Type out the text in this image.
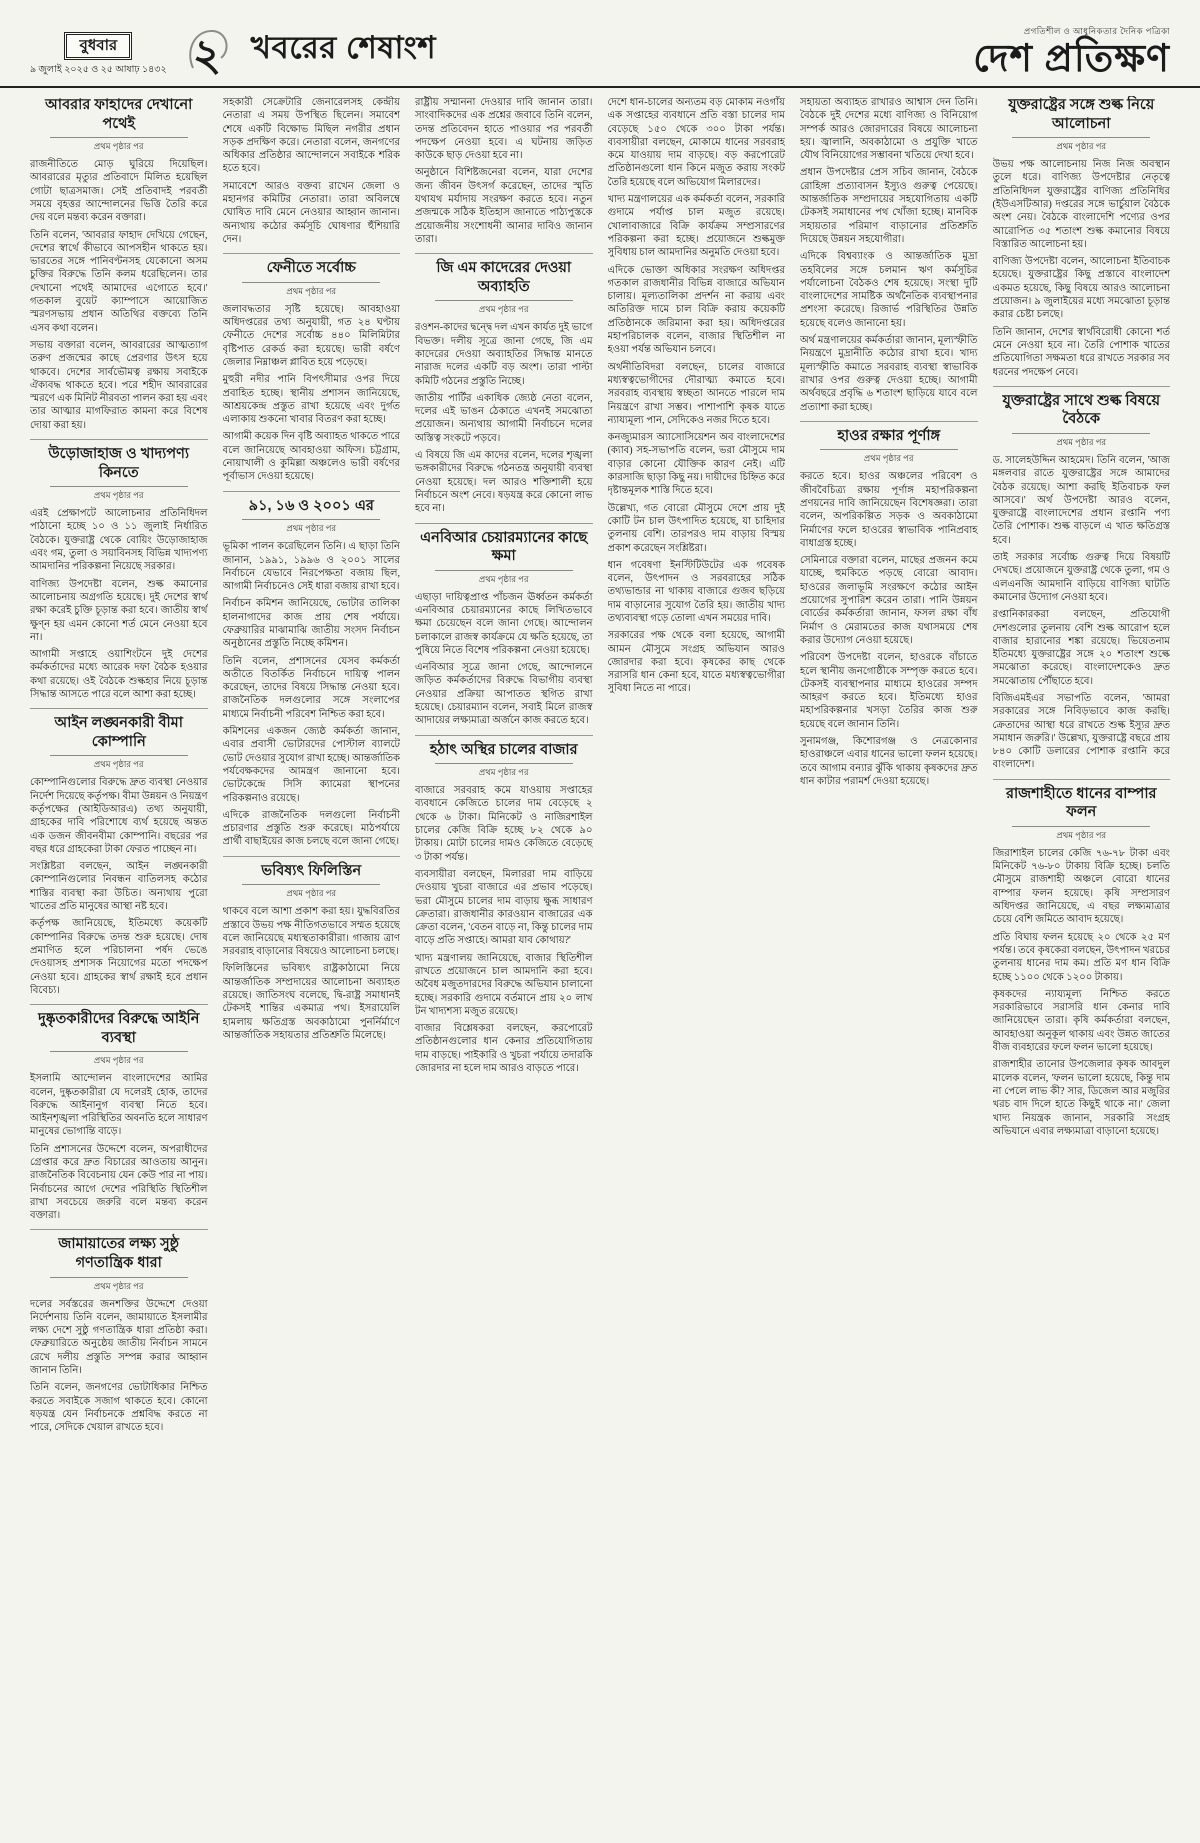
বুধবার
৯ জুলাই ২০২৫ ও ২৫ আষাঢ় ১৪৩২ ২ খবরের শেষাংশ	প্রগতিশীল ও আধুনিকতার দৈনিক পত্রিকা
দেশ প্রতিক্ষণ
আবরার ফাহাদের দেখানো পথেই
প্রথম পৃষ্ঠার পর

রাজনীতিতে মোড় ঘুরিয়ে দিয়েছিল। আবরারের মৃত্যুর প্রতিবাদে মিলিত হয়েছিল গোটা ছাত্রসমাজ। সেই প্রতিবাদই পরবর্তী সময়ে বৃহত্তর আন্দোলনের ভিত্তি তৈরি করে দেয় বলে মন্তব্য করেন বক্তারা।

তিনি বলেন, 'আবরার ফাহাদ দেখিয়ে গেছেন, দেশের স্বার্থে কীভাবে আপসহীন থাকতে হয়। ভারতের সঙ্গে পানিবণ্টনসহ যেকোনো অসম চুক্তির বিরুদ্ধে তিনি কলম ধরেছিলেন। তার দেখানো পথেই আমাদের এগোতে হবে।' গতকাল বুয়েট ক্যাম্পাসে আয়োজিত স্মরণসভায় প্রধান অতিথির বক্তব্যে তিনি এসব কথা বলেন।

সভায় বক্তারা বলেন, আবরারের আত্মত্যাগ তরুণ প্রজন্মের কাছে প্রেরণার উৎস হয়ে থাকবে। দেশের সার্বভৌমত্ব রক্ষায় সবাইকে ঐক্যবদ্ধ থাকতে হবে। পরে শহীদ আবরারের স্মরণে এক মিনিট নীরবতা পালন করা হয় এবং তার আত্মার মাগফিরাত কামনা করে বিশেষ দোয়া করা হয়।

উড়োজাহাজ ও খাদ্যপণ্য কিনতে
প্রথম পৃষ্ঠার পর

এরই প্রেক্ষাপটে আলোচনার প্রতিনিধিদল পাঠানো হচ্ছে ১০ ও ১১ জুলাই নির্ধারিত বৈঠকে। যুক্তরাষ্ট্র থেকে বোয়িং উড়োজাহাজ এবং গম, তুলা ও সয়াবিনসহ বিভিন্ন খাদ্যপণ্য আমদানির পরিকল্পনা নিয়েছে সরকার।

বাণিজ্য উপদেষ্টা বলেন, শুল্ক কমানোর আলোচনায় অগ্রগতি হয়েছে। দুই দেশের স্বার্থ রক্ষা করেই চুক্তি চূড়ান্ত করা হবে। জাতীয় স্বার্থ ক্ষুণ্ন হয় এমন কোনো শর্ত মেনে নেওয়া হবে না।

আগামী সপ্তাহে ওয়াশিংটনে দুই দেশের কর্মকর্তাদের মধ্যে আরেক দফা বৈঠক হওয়ার কথা রয়েছে। ওই বৈঠকে শুল্কহার নিয়ে চূড়ান্ত সিদ্ধান্ত আসতে পারে বলে আশা করা হচ্ছে।

আইন লঙ্ঘনকারী বীমা কোম্পানি
প্রথম পৃষ্ঠার পর

কোম্পানিগুলোর বিরুদ্ধে দ্রুত ব্যবস্থা নেওয়ার নির্দেশ দিয়েছে কর্তৃপক্ষ। বীমা উন্নয়ন ও নিয়ন্ত্রণ কর্তৃপক্ষের (আইডিআরএ) তথ্য অনুযায়ী, গ্রাহকের দাবি পরিশোধে ব্যর্থ হয়েছে অন্তত এক ডজন জীবনবীমা কোম্পানি। বছরের পর বছর ধরে গ্রাহকেরা টাকা ফেরত পাচ্ছেন না।

সংশ্লিষ্টরা বলছেন, আইন লঙ্ঘনকারী কোম্পানিগুলোর নিবন্ধন বাতিলসহ কঠোর শাস্তির ব্যবস্থা করা উচিত। অন্যথায় পুরো খাতের প্রতি মানুষের আস্থা নষ্ট হবে।

কর্তৃপক্ষ জানিয়েছে, ইতিমধ্যে কয়েকটি কোম্পানির বিরুদ্ধে তদন্ত শুরু হয়েছে। দোষ প্রমাণিত হলে পরিচালনা পর্ষদ ভেঙে দেওয়াসহ প্রশাসক নিয়োগের মতো পদক্ষেপ নেওয়া হবে। গ্রাহকের স্বার্থ রক্ষাই হবে প্রধান বিবেচ্য।

দুষ্কৃতকারীদের বিরুদ্ধে আইনি ব্যবস্থা
প্রথম পৃষ্ঠার পর

ইসলামি আন্দোলন বাংলাদেশের আমির বলেন, দুষ্কৃতকারীরা যে দলেরই হোক, তাদের বিরুদ্ধে আইনানুগ ব্যবস্থা নিতে হবে। আইনশৃঙ্খলা পরিস্থিতির অবনতি হলে সাধারণ মানুষের ভোগান্তি বাড়ে।

তিনি প্রশাসনের উদ্দেশে বলেন, অপরাধীদের গ্রেপ্তার করে দ্রুত বিচারের আওতায় আনুন। রাজনৈতিক বিবেচনায় যেন কেউ পার না পায়। নির্বাচনের আগে দেশের পরিস্থিতি স্থিতিশীল রাখা সবচেয়ে জরুরি বলে মন্তব্য করেন বক্তারা।

জামায়াতের লক্ষ্য সুষ্ঠু গণতান্ত্রিক ধারা
প্রথম পৃষ্ঠার পর

দলের সর্বস্তরের জনশক্তির উদ্দেশে দেওয়া নির্দেশনায় তিনি বলেন, জামায়াতে ইসলামীর লক্ষ্য দেশে সুষ্ঠু গণতান্ত্রিক ধারা প্রতিষ্ঠা করা। ফেব্রুয়ারিতে অনুষ্ঠেয় জাতীয় নির্বাচন সামনে রেখে দলীয় প্রস্তুতি সম্পন্ন করার আহ্বান জানান তিনি।

তিনি বলেন, জনগণের ভোটাধিকার নিশ্চিত করতে সবাইকে সজাগ থাকতে হবে। কোনো ষড়যন্ত্র যেন নির্বাচনকে প্রশ্নবিদ্ধ করতে না পারে, সেদিকে খেয়াল রাখতে হবে।

সহকারী সেক্রেটারি জেনারেলসহ কেন্দ্রীয় নেতারা এ সময় উপস্থিত ছিলেন। সমাবেশ শেষে একটি বিক্ষোভ মিছিল নগরীর প্রধান সড়ক প্রদক্ষিণ করে। নেতারা বলেন, জনগণের অধিকার প্রতিষ্ঠার আন্দোলনে সবাইকে শরিক হতে হবে।

সমাবেশে আরও বক্তব্য রাখেন জেলা ও মহানগর কমিটির নেতারা। তারা অবিলম্বে ঘোষিত দাবি মেনে নেওয়ার আহ্বান জানান। অন্যথায় কঠোর কর্মসূচি ঘোষণার হুঁশিয়ারি দেন।

ফেনীতে সর্বোচ্চ
প্রথম পৃষ্ঠার পর

জলাবদ্ধতার সৃষ্টি হয়েছে। আবহাওয়া অধিদপ্তরের তথ্য অনুযায়ী, গত ২৪ ঘণ্টায় ফেনীতে দেশের সর্বোচ্চ ৪৪০ মিলিমিটার বৃষ্টিপাত রেকর্ড করা হয়েছে। ভারী বর্ষণে জেলার নিম্নাঞ্চল প্লাবিত হয়ে পড়েছে।

মুহুরী নদীর পানি বিপৎসীমার ওপর দিয়ে প্রবাহিত হচ্ছে। স্থানীয় প্রশাসন জানিয়েছে, আশ্রয়কেন্দ্র প্রস্তুত রাখা হয়েছে এবং দুর্গত এলাকায় শুকনো খাবার বিতরণ করা হচ্ছে।

আগামী কয়েক দিন বৃষ্টি অব্যাহত থাকতে পারে বলে জানিয়েছে আবহাওয়া অফিস। চট্টগ্রাম, নোয়াখালী ও কুমিল্লা অঞ্চলেও ভারী বর্ষণের পূর্বাভাস দেওয়া হয়েছে।

৯১, ১৬ ও ২০০১ এর
প্রথম পৃষ্ঠার পর

ভূমিকা পালন করেছিলেন তিনি। এ ছাড়া তিনি জানান, ১৯৯১, ১৯৯৬ ও ২০০১ সালের নির্বাচনে যেভাবে নিরপেক্ষতা বজায় ছিল, আগামী নির্বাচনেও সেই ধারা বজায় রাখা হবে।

নির্বাচন কমিশন জানিয়েছে, ভোটার তালিকা হালনাগাদের কাজ প্রায় শেষ পর্যায়ে। ফেব্রুয়ারির মাঝামাঝি জাতীয় সংসদ নির্বাচন অনুষ্ঠানের প্রস্তুতি নিচ্ছে কমিশন।

তিনি বলেন, প্রশাসনের যেসব কর্মকর্তা অতীতে বিতর্কিত নির্বাচনে দায়িত্ব পালন করেছেন, তাদের বিষয়ে সিদ্ধান্ত নেওয়া হবে। রাজনৈতিক দলগুলোর সঙ্গে সংলাপের মাধ্যমে নির্বাচনী পরিবেশ নিশ্চিত করা হবে।

কমিশনের একজন জ্যেষ্ঠ কর্মকর্তা জানান, এবার প্রবাসী ভোটারদের পোস্টাল ব্যালটে ভোট দেওয়ার সুযোগ রাখা হচ্ছে। আন্তর্জাতিক পর্যবেক্ষকদের আমন্ত্রণ জানানো হবে। ভোটকেন্দ্রে সিসি ক্যামেরা স্থাপনের পরিকল্পনাও রয়েছে।

এদিকে রাজনৈতিক দলগুলো নির্বাচনী প্রচারণার প্রস্তুতি শুরু করেছে। মাঠপর্যায়ে প্রার্থী বাছাইয়ের কাজ চলছে বলে জানা গেছে।

ভবিষ্যৎ ফিলিস্তিন
প্রথম পৃষ্ঠার পর

থাকবে বলে আশা প্রকাশ করা হয়। যুদ্ধবিরতির প্রস্তাবে উভয় পক্ষ নীতিগতভাবে সম্মত হয়েছে বলে জানিয়েছে মধ্যস্থতাকারীরা। গাজায় ত্রাণ সরবরাহ বাড়ানোর বিষয়েও আলোচনা চলছে।

ফিলিস্তিনের ভবিষ্যৎ রাষ্ট্রকাঠামো নিয়ে আন্তর্জাতিক সম্প্রদায়ের আলোচনা অব্যাহত রয়েছে। জাতিসংঘ বলেছে, দ্বি-রাষ্ট্র সমাধানই টেকসই শান্তির একমাত্র পথ। ইসরায়েলি হামলায় ক্ষতিগ্রস্ত অবকাঠামো পুনর্নির্মাণে আন্তর্জাতিক সহায়তার প্রতিশ্রুতি মিলেছে।

রাষ্ট্রীয় সম্মাননা দেওয়ার দাবি জানান তারা। সাংবাদিকদের এক প্রশ্নের জবাবে তিনি বলেন, তদন্ত প্রতিবেদন হাতে পাওয়ার পর পরবর্তী পদক্ষেপ নেওয়া হবে। এ ঘটনায় জড়িত কাউকে ছাড় দেওয়া হবে না।

অনুষ্ঠানে বিশিষ্টজনেরা বলেন, যারা দেশের জন্য জীবন উৎসর্গ করেছেন, তাদের স্মৃতি যথাযথ মর্যাদায় সংরক্ষণ করতে হবে। নতুন প্রজন্মকে সঠিক ইতিহাস জানাতে পাঠ্যপুস্তকে প্রয়োজনীয় সংশোধনী আনার দাবিও জানান তারা।

জি এম কাদেরের দেওয়া অব্যাহতি
প্রথম পৃষ্ঠার পর

রওশন-কাদের দ্বন্দ্বে দল এখন কার্যত দুই ভাগে বিভক্ত। দলীয় সূত্রে জানা গেছে, জি এম কাদেরের দেওয়া অব্যাহতির সিদ্ধান্ত মানতে নারাজ দলের একটি বড় অংশ। তারা পাল্টা কমিটি গঠনের প্রস্তুতি নিচ্ছে।

জাতীয় পার্টির একাধিক জ্যেষ্ঠ নেতা বলেন, দলের এই ভাঙন ঠেকাতে এখনই সমঝোতা প্রয়োজন। অন্যথায় আগামী নির্বাচনে দলের অস্তিত্ব সংকটে পড়বে।

এ বিষয়ে জি এম কাদের বলেন, দলের শৃঙ্খলা ভঙ্গকারীদের বিরুদ্ধে গঠনতন্ত্র অনুযায়ী ব্যবস্থা নেওয়া হয়েছে। দল আরও শক্তিশালী হয়ে নির্বাচনে অংশ নেবে। ষড়যন্ত্র করে কোনো লাভ হবে না।

এনবিআর চেয়ারম্যানের কাছে ক্ষমা
প্রথম পৃষ্ঠার পর

এছাড়া দায়িত্বপ্রাপ্ত পাঁচজন ঊর্ধ্বতন কর্মকর্তা এনবিআর চেয়ারম্যানের কাছে লিখিতভাবে ক্ষমা চেয়েছেন বলে জানা গেছে। আন্দোলন চলাকালে রাজস্ব কার্যক্রমে যে ক্ষতি হয়েছে, তা পুষিয়ে নিতে বিশেষ পরিকল্পনা নেওয়া হয়েছে।

এনবিআর সূত্রে জানা গেছে, আন্দোলনে জড়িত কর্মকর্তাদের বিরুদ্ধে বিভাগীয় ব্যবস্থা নেওয়ার প্রক্রিয়া আপাতত স্থগিত রাখা হয়েছে। চেয়ারম্যান বলেন, সবাই মিলে রাজস্ব আদায়ের লক্ষ্যমাত্রা অর্জনে কাজ করতে হবে।

হঠাৎ অস্থির চালের বাজার
প্রথম পৃষ্ঠার পর

বাজারে সরবরাহ কমে যাওয়ায় সপ্তাহের ব্যবধানে কেজিতে চালের দাম বেড়েছে ২ থেকে ৬ টাকা। মিনিকেট ও নাজিরশাইল চালের কেজি বিক্রি হচ্ছে ৮২ থেকে ৯০ টাকায়। মোটা চালের দামও কেজিতে বেড়েছে ৩ টাকা পর্যন্ত।

ব্যবসায়ীরা বলছেন, মিলাররা দাম বাড়িয়ে দেওয়ায় খুচরা বাজারে এর প্রভাব পড়েছে। ভরা মৌসুমে চালের দাম বাড়ায় ক্ষুব্ধ সাধারণ ক্রেতারা। রাজধানীর কারওয়ান বাজারের এক ক্রেতা বলেন, 'বেতন বাড়ে না, কিন্তু চালের দাম বাড়ে প্রতি সপ্তাহে। আমরা যাব কোথায়?'

খাদ্য মন্ত্রণালয় জানিয়েছে, বাজার স্থিতিশীল রাখতে প্রয়োজনে চাল আমদানি করা হবে। অবৈধ মজুতদারদের বিরুদ্ধে অভিযান চালানো হচ্ছে। সরকারি গুদামে বর্তমানে প্রায় ২০ লাখ টন খাদ্যশস্য মজুত রয়েছে।

বাজার বিশ্লেষকরা বলছেন, করপোরেট প্রতিষ্ঠানগুলোর ধান কেনার প্রতিযোগিতায় দাম বাড়ছে। পাইকারি ও খুচরা পর্যায়ে তদারকি জোরদার না হলে দাম আরও বাড়তে পারে।

দেশে ধান-চালের অন্যতম বড় মোকাম নওগাঁয় এক সপ্তাহের ব্যবধানে প্রতি বস্তা চালের দাম বেড়েছে ১৫০ থেকে ৩০০ টাকা পর্যন্ত। ব্যবসায়ীরা বলছেন, মোকামে ধানের সরবরাহ কমে যাওয়ায় দাম বাড়ছে। বড় করপোরেট প্রতিষ্ঠানগুলো ধান কিনে মজুত করায় সংকট তৈরি হয়েছে বলে অভিযোগ মিলারদের।

খাদ্য মন্ত্রণালয়ের এক কর্মকর্তা বলেন, সরকারি গুদামে পর্যাপ্ত চাল মজুত রয়েছে। খোলাবাজারে বিক্রি কার্যক্রম সম্প্রসারণের পরিকল্পনা করা হচ্ছে। প্রয়োজনে শুল্কমুক্ত সুবিধায় চাল আমদানির অনুমতি দেওয়া হবে।

এদিকে ভোক্তা অধিকার সংরক্ষণ অধিদপ্তর গতকাল রাজধানীর বিভিন্ন বাজারে অভিযান চালায়। মূল্যতালিকা প্রদর্শন না করায় এবং অতিরিক্ত দামে চাল বিক্রি করায় কয়েকটি প্রতিষ্ঠানকে জরিমানা করা হয়। অধিদপ্তরের মহাপরিচালক বলেন, বাজার স্থিতিশীল না হওয়া পর্যন্ত অভিযান চলবে।

অর্থনীতিবিদরা বলছেন, চালের বাজারে মধ্যস্বত্বভোগীদের দৌরাত্ম্য কমাতে হবে। সরবরাহ ব্যবস্থায় স্বচ্ছতা আনতে পারলে দাম নিয়ন্ত্রণে রাখা সম্ভব। পাশাপাশি কৃষক যাতে ন্যায্যমূল্য পান, সেদিকেও নজর দিতে হবে।

কনজ্যুমারস অ্যাসোসিয়েশন অব বাংলাদেশের (ক্যাব) সহ-সভাপতি বলেন, ভরা মৌসুমে দাম বাড়ার কোনো যৌক্তিক কারণ নেই। এটি কারসাজি ছাড়া কিছু নয়। দায়ীদের চিহ্নিত করে দৃষ্টান্তমূলক শাস্তি দিতে হবে।

উল্লেখ্য, গত বোরো মৌসুমে দেশে প্রায় দুই কোটি টন চাল উৎপাদিত হয়েছে, যা চাহিদার তুলনায় বেশি। তারপরও দাম বাড়ায় বিস্ময় প্রকাশ করেছেন সংশ্লিষ্টরা।

ধান গবেষণা ইনস্টিটিউটের এক গবেষক বলেন, উৎপাদন ও সরবরাহের সঠিক তথ্যভান্ডার না থাকায় বাজারে গুজব ছড়িয়ে দাম বাড়ানোর সুযোগ তৈরি হয়। জাতীয় খাদ্য তথ্যব্যবস্থা গড়ে তোলা এখন সময়ের দাবি।

সরকারের পক্ষ থেকে বলা হয়েছে, আগামী আমন মৌসুমে সংগ্রহ অভিযান আরও জোরদার করা হবে। কৃষকের কাছ থেকে সরাসরি ধান কেনা হবে, যাতে মধ্যস্বত্বভোগীরা সুবিধা নিতে না পারে।

সহায়তা অব্যাহত রাখারও আশ্বাস দেন তিনি। বৈঠকে দুই দেশের মধ্যে বাণিজ্য ও বিনিয়োগ সম্পর্ক আরও জোরদারের বিষয়ে আলোচনা হয়। জ্বালানি, অবকাঠামো ও প্রযুক্তি খাতে যৌথ বিনিয়োগের সম্ভাবনা খতিয়ে দেখা হবে।

প্রধান উপদেষ্টার প্রেস সচিব জানান, বৈঠকে রোহিঙ্গা প্রত্যাবাসন ইস্যুও গুরুত্ব পেয়েছে। আন্তর্জাতিক সম্প্রদায়ের সহযোগিতায় একটি টেকসই সমাধানের পথ খোঁজা হচ্ছে। মানবিক সহায়তার পরিমাণ বাড়ানোর প্রতিশ্রুতি দিয়েছে উন্নয়ন সহযোগীরা।

এদিকে বিশ্বব্যাংক ও আন্তর্জাতিক মুদ্রা তহবিলের সঙ্গে চলমান ঋণ কর্মসূচির পর্যালোচনা বৈঠকও শেষ হয়েছে। সংস্থা দুটি বাংলাদেশের সামষ্টিক অর্থনৈতিক ব্যবস্থাপনার প্রশংসা করেছে। রিজার্ভ পরিস্থিতির উন্নতি হয়েছে বলেও জানানো হয়।

অর্থ মন্ত্রণালয়ের কর্মকর্তারা জানান, মূল্যস্ফীতি নিয়ন্ত্রণে মুদ্রানীতি কঠোর রাখা হবে। খাদ্য মূল্যস্ফীতি কমাতে সরবরাহ ব্যবস্থা স্বাভাবিক রাখার ওপর গুরুত্ব দেওয়া হচ্ছে। আগামী অর্থবছরে প্রবৃদ্ধি ৬ শতাংশ ছাড়িয়ে যাবে বলে প্রত্যাশা করা হচ্ছে।

হাওর রক্ষার পূর্ণাঙ্গ
প্রথম পৃষ্ঠার পর

করতে হবে। হাওর অঞ্চলের পরিবেশ ও জীববৈচিত্র্য রক্ষায় পূর্ণাঙ্গ মহাপরিকল্পনা প্রণয়নের দাবি জানিয়েছেন বিশেষজ্ঞরা। তারা বলেন, অপরিকল্পিত সড়ক ও অবকাঠামো নির্মাণের ফলে হাওরের স্বাভাবিক পানিপ্রবাহ বাধাগ্রস্ত হচ্ছে।

সেমিনারে বক্তারা বলেন, মাছের প্রজনন কমে যাচ্ছে, হুমকিতে পড়ছে বোরো আবাদ। হাওরের জলাভূমি সংরক্ষণে কঠোর আইন প্রয়োগের সুপারিশ করেন তারা। পানি উন্নয়ন বোর্ডের কর্মকর্তারা জানান, ফসল রক্ষা বাঁধ নির্মাণ ও মেরামতের কাজ যথাসময়ে শেষ করার উদ্যোগ নেওয়া হয়েছে।

পরিবেশ উপদেষ্টা বলেন, হাওরকে বাঁচাতে হলে স্থানীয় জনগোষ্ঠীকে সম্পৃক্ত করতে হবে। টেকসই ব্যবস্থাপনার মাধ্যমে হাওরের সম্পদ আহরণ করতে হবে। ইতিমধ্যে হাওর মহাপরিকল্পনার খসড়া তৈরির কাজ শুরু হয়েছে বলে জানান তিনি।

সুনামগঞ্জ, কিশোরগঞ্জ ও নেত্রকোনার হাওরাঞ্চলে এবার ধানের ভালো ফলন হয়েছে। তবে আগাম বন্যার ঝুঁকি থাকায় কৃষকদের দ্রুত ধান কাটার পরামর্শ দেওয়া হয়েছে।

যুক্তরাষ্ট্রের সঙ্গে শুল্ক নিয়ে আলোচনা
প্রথম পৃষ্ঠার পর

উভয় পক্ষ আলোচনায় নিজ নিজ অবস্থান তুলে ধরে। বাণিজ্য উপদেষ্টার নেতৃত্বে প্রতিনিধিদল যুক্তরাষ্ট্রের বাণিজ্য প্রতিনিধির (ইউএসটিআর) দপ্তরের সঙ্গে ভার্চুয়াল বৈঠকে অংশ নেয়। বৈঠকে বাংলাদেশি পণ্যের ওপর আরোপিত ৩৫ শতাংশ শুল্ক কমানোর বিষয়ে বিস্তারিত আলোচনা হয়।

বাণিজ্য উপদেষ্টা বলেন, আলোচনা ইতিবাচক হয়েছে। যুক্তরাষ্ট্রের কিছু প্রস্তাবে বাংলাদেশ একমত হয়েছে, কিছু বিষয়ে আরও আলোচনা প্রয়োজন। ৯ জুলাইয়ের মধ্যে সমঝোতা চূড়ান্ত করার চেষ্টা চলছে।

তিনি জানান, দেশের স্বার্থবিরোধী কোনো শর্ত মেনে নেওয়া হবে না। তৈরি পোশাক খাতের প্রতিযোগিতা সক্ষমতা ধরে রাখতে সরকার সব ধরনের পদক্ষেপ নেবে।

যুক্তরাষ্ট্রের সাথে শুল্ক বিষয়ে বৈঠকে
প্রথম পৃষ্ঠার পর

ড. সালেহউদ্দিন আহমেদ। তিনি বলেন, 'আজ মঙ্গলবার রাতে যুক্তরাষ্ট্রের সঙ্গে আমাদের বৈঠক রয়েছে। আশা করছি ইতিবাচক ফল আসবে।' অর্থ উপদেষ্টা আরও বলেন, যুক্তরাষ্ট্রে বাংলাদেশের প্রধান রপ্তানি পণ্য তৈরি পোশাক। শুল্ক বাড়লে এ খাত ক্ষতিগ্রস্ত হবে।

তাই সরকার সর্বোচ্চ গুরুত্ব দিয়ে বিষয়টি দেখছে। প্রয়োজনে যুক্তরাষ্ট্র থেকে তুলা, গম ও এলএনজি আমদানি বাড়িয়ে বাণিজ্য ঘাটতি কমানোর উদ্যোগ নেওয়া হবে।

রপ্তানিকারকরা বলছেন, প্রতিযোগী দেশগুলোর তুলনায় বেশি শুল্ক আরোপ হলে বাজার হারানোর শঙ্কা রয়েছে। ভিয়েতনাম ইতিমধ্যে যুক্তরাষ্ট্রের সঙ্গে ২০ শতাংশ শুল্কে সমঝোতা করেছে। বাংলাদেশকেও দ্রুত সমঝোতায় পৌঁছাতে হবে।

বিজিএমইএর সভাপতি বলেন, 'আমরা সরকারের সঙ্গে নিবিড়ভাবে কাজ করছি। ক্রেতাদের আস্থা ধরে রাখতে শুল্ক ইস্যুর দ্রুত সমাধান জরুরি।' উল্লেখ্য, যুক্তরাষ্ট্রে বছরে প্রায় ৮৪০ কোটি ডলারের পোশাক রপ্তানি করে বাংলাদেশ।

রাজশাহীতে ধানের বাম্পার ফলন
প্রথম পৃষ্ঠার পর

জিরাশাইল চালের কেজি ৭৬-৭৮ টাকা এবং মিনিকেট ৭৬-৮০ টাকায় বিক্রি হচ্ছে। চলতি মৌসুমে রাজশাহী অঞ্চলে বোরো ধানের বাম্পার ফলন হয়েছে। কৃষি সম্প্রসারণ অধিদপ্তর জানিয়েছে, এ বছর লক্ষ্যমাত্রার চেয়ে বেশি জমিতে আবাদ হয়েছে।

প্রতি বিঘায় ফলন হয়েছে ২০ থেকে ২৫ মণ পর্যন্ত। তবে কৃষকেরা বলছেন, উৎপাদন খরচের তুলনায় ধানের দাম কম। প্রতি মণ ধান বিক্রি হচ্ছে ১১০০ থেকে ১২০০ টাকায়।

কৃষকদের ন্যায্যমূল্য নিশ্চিত করতে সরকারিভাবে সরাসরি ধান কেনার দাবি জানিয়েছেন তারা। কৃষি কর্মকর্তারা বলছেন, আবহাওয়া অনুকূল থাকায় এবং উন্নত জাতের বীজ ব্যবহারের ফলে ফলন ভালো হয়েছে।

রাজশাহীর তানোর উপজেলার কৃষক আবদুল মালেক বলেন, 'ফলন ভালো হয়েছে, কিন্তু দাম না পেলে লাভ কী? সার, ডিজেল আর মজুরির খরচ বাদ দিলে হাতে কিছুই থাকে না।' জেলা খাদ্য নিয়ন্ত্রক জানান, সরকারি সংগ্রহ অভিযানে এবার লক্ষ্যমাত্রা বাড়ানো হয়েছে।
